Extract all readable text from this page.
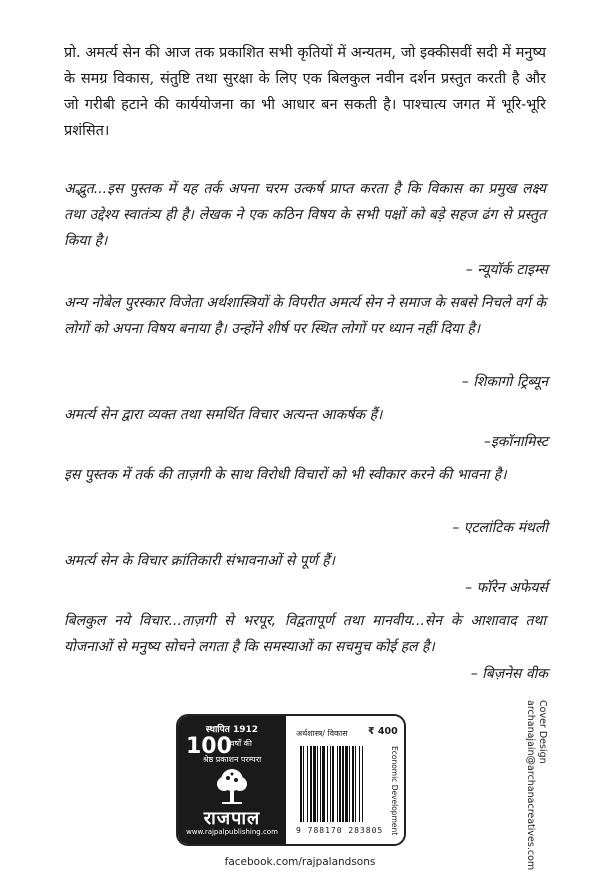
प्रो. अमर्त्य सेन की आज तक प्रकाशित सभी कृतियों में अन्यतम, जो इक्कीसवीं सदी में मनुष्य के समग्र विकास, संतुष्टि तथा सुरक्षा के लिए एक बिलकुल नवीन दर्शन प्रस्तुत करती है और जो गरीबी हटाने की कार्ययोजना का भी आधार बन सकती है। पाश्चात्य जगत में भूरि-भूरि प्रशंसित।
अद्भुत...इस पुस्तक में यह तर्क अपना चरम उत्कर्ष प्राप्त करता है कि विकास का प्रमुख लक्ष्य तथा उद्देश्य स्वातंत्र्य ही है। लेखक ने एक कठिन विषय के सभी पक्षों को बड़े सहज ढंग से प्रस्तुत किया है।
– न्यूयॉर्क टाइम्स
अन्य नोबेल पुरस्कार विजेता अर्थशास्त्रियों के विपरीत अमर्त्य सेन ने समाज के सबसे निचले वर्ग के लोगों को अपना विषय बनाया है। उन्होंने शीर्ष पर स्थित लोगों पर ध्यान नहीं दिया है।
– शिकागो ट्रिब्यून
अमर्त्य सेन द्वारा व्यक्त तथा समर्थित विचार अत्यन्त आकर्षक हैं।
–इकॉनामिस्ट
इस पुस्तक में तर्क की ताज़गी के साथ विरोधी विचारों को भी स्वीकार करने की भावना है।
– एटलांटिक मंथली
अमर्त्य सेन के विचार क्रांतिकारी संभावनाओं से पूर्ण हैं।
– फॉरेन अफेयर्स
बिलकुल नये विचार...ताज़गी से भरपूर, विद्वतापूर्ण तथा मानवीय...सेन के आशावाद तथा योजनाओं से मनुष्य सोचने लगता है कि समस्याओं का सचमुच कोई हल है।
– बिज़नेस वीक
Cover Design
archanajain@archanacreatives.com
स्थापित 1912
100
वर्षों की
श्रेष्ठ प्रकाशन परम्परा
राजपाल
www.rajpalpublishing.com
अर्थशास्त्र/ विकास ₹ 400
9 788170 283805 Economic Development
facebook.com/rajpalandsons
